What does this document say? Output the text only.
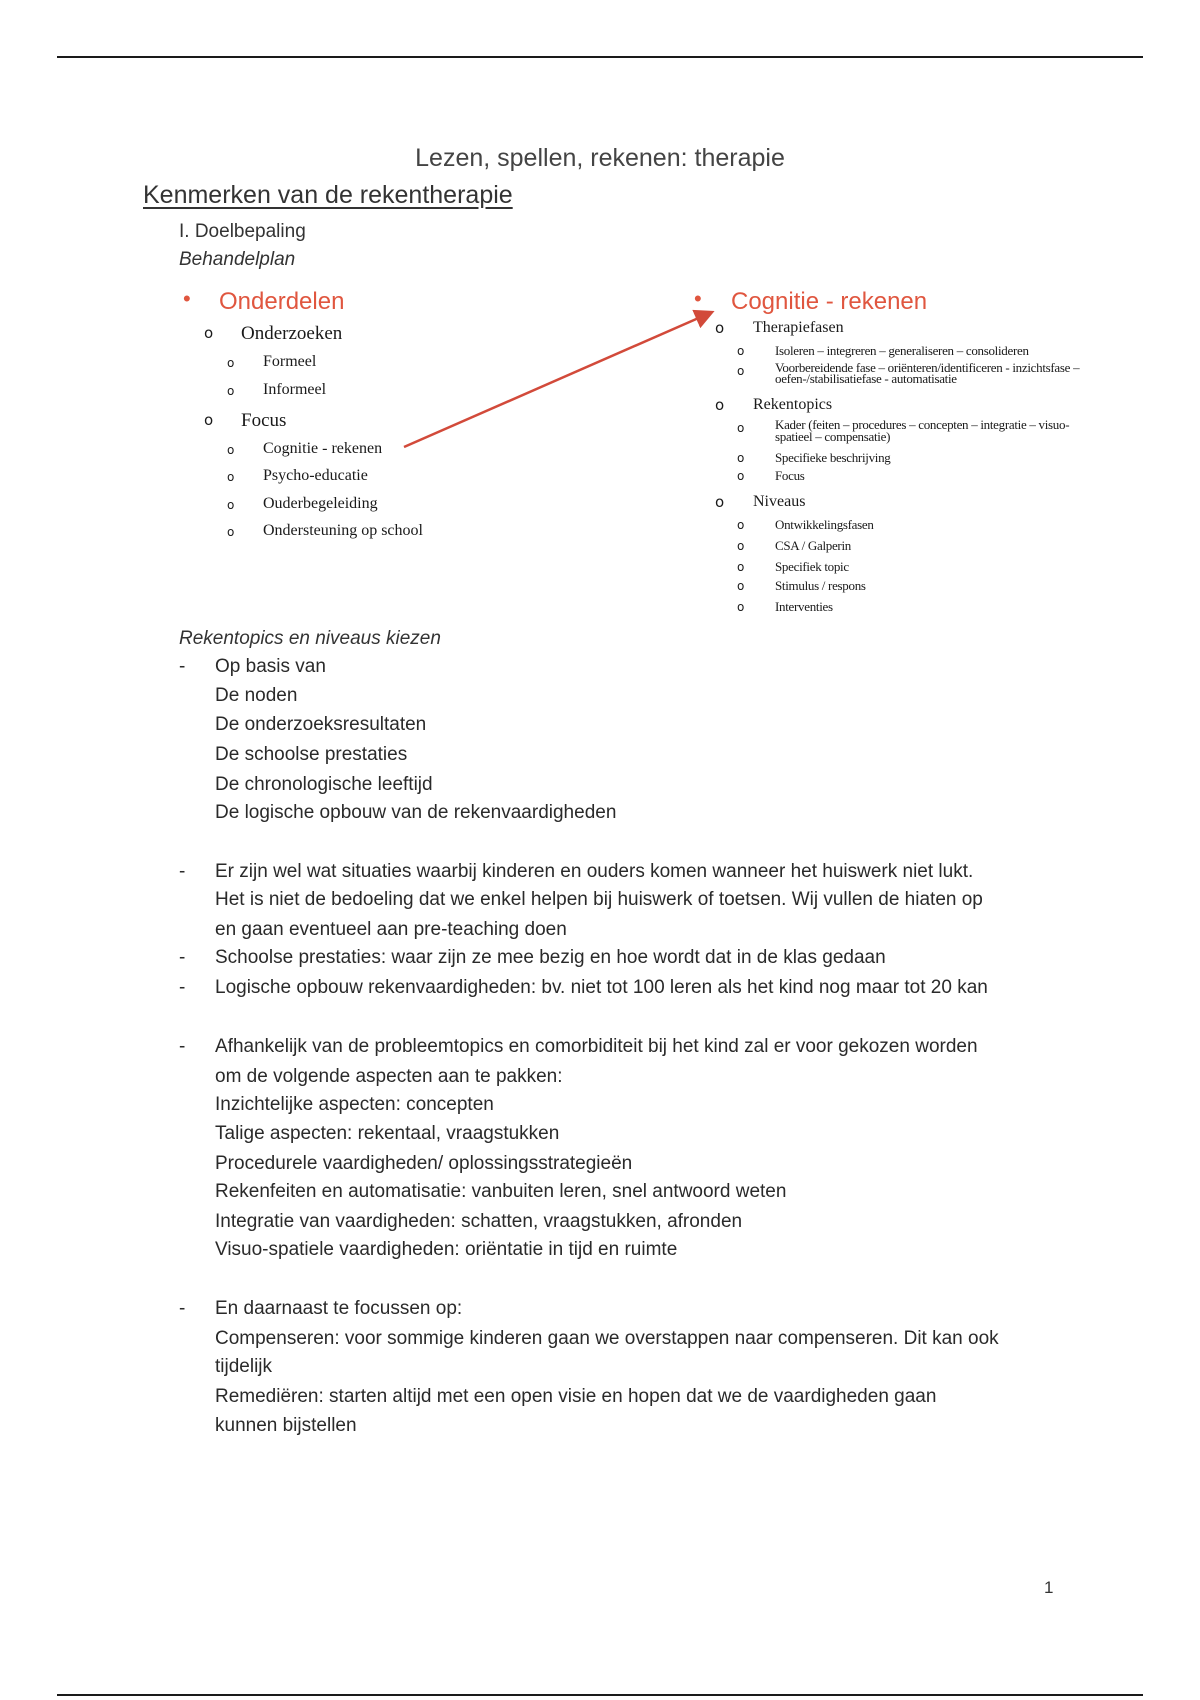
Lezen, spellen, rekenen: therapie
Kenmerken van de rekentherapie
I. Doelbepaling
Behandelplan
• Onderdelen
o Onderzoeken
o Formeel
o Informeel
o Focus
o Cognitie - rekenen
o Psycho-educatie
o Ouderbegeleiding
o Ondersteuning op school
• Cognitie - rekenen
o Therapiefasen
o Isoleren – integreren – generaliseren – consolideren
o Voorbereidende fase – oriënteren/identificeren - inzichtsfase – oefen-/stabilisatiefase - automatisatie
o Rekentopics
o Kader (feiten – procedures – concepten – integratie – visuo-spatieel – compensatie)
o Specifieke beschrijving
o Focus
o Niveaus
o Ontwikkelingsfasen
o CSA / Galperin
o Specifiek topic
o Stimulus / respons
o Interventies
Rekentopics en niveaus kiezen
- Op basis van
De noden
De onderzoeksresultaten
De schoolse prestaties
De chronologische leeftijd
De logische opbouw van de rekenvaardigheden
- Er zijn wel wat situaties waarbij kinderen en ouders komen wanneer het huiswerk niet lukt.
Het is niet de bedoeling dat we enkel helpen bij huiswerk of toetsen. Wij vullen de hiaten op
en gaan eventueel aan pre-teaching doen
- Schoolse prestaties: waar zijn ze mee bezig en hoe wordt dat in de klas gedaan
- Logische opbouw rekenvaardigheden: bv. niet tot 100 leren als het kind nog maar tot 20 kan
- Afhankelijk van de probleemtopics en comorbiditeit bij het kind zal er voor gekozen worden
om de volgende aspecten aan te pakken:
Inzichtelijke aspecten: concepten
Talige aspecten: rekentaal, vraagstukken
Procedurele vaardigheden/ oplossingsstrategieën
Rekenfeiten en automatisatie: vanbuiten leren, snel antwoord weten
Integratie van vaardigheden: schatten, vraagstukken, afronden
Visuo-spatiele vaardigheden: oriëntatie in tijd en ruimte
- En daarnaast te focussen op:
Compenseren: voor sommige kinderen gaan we overstappen naar compenseren. Dit kan ook
tijdelijk
Remediëren: starten altijd met een open visie en hopen dat we de vaardigheden gaan
kunnen bijstellen
1
